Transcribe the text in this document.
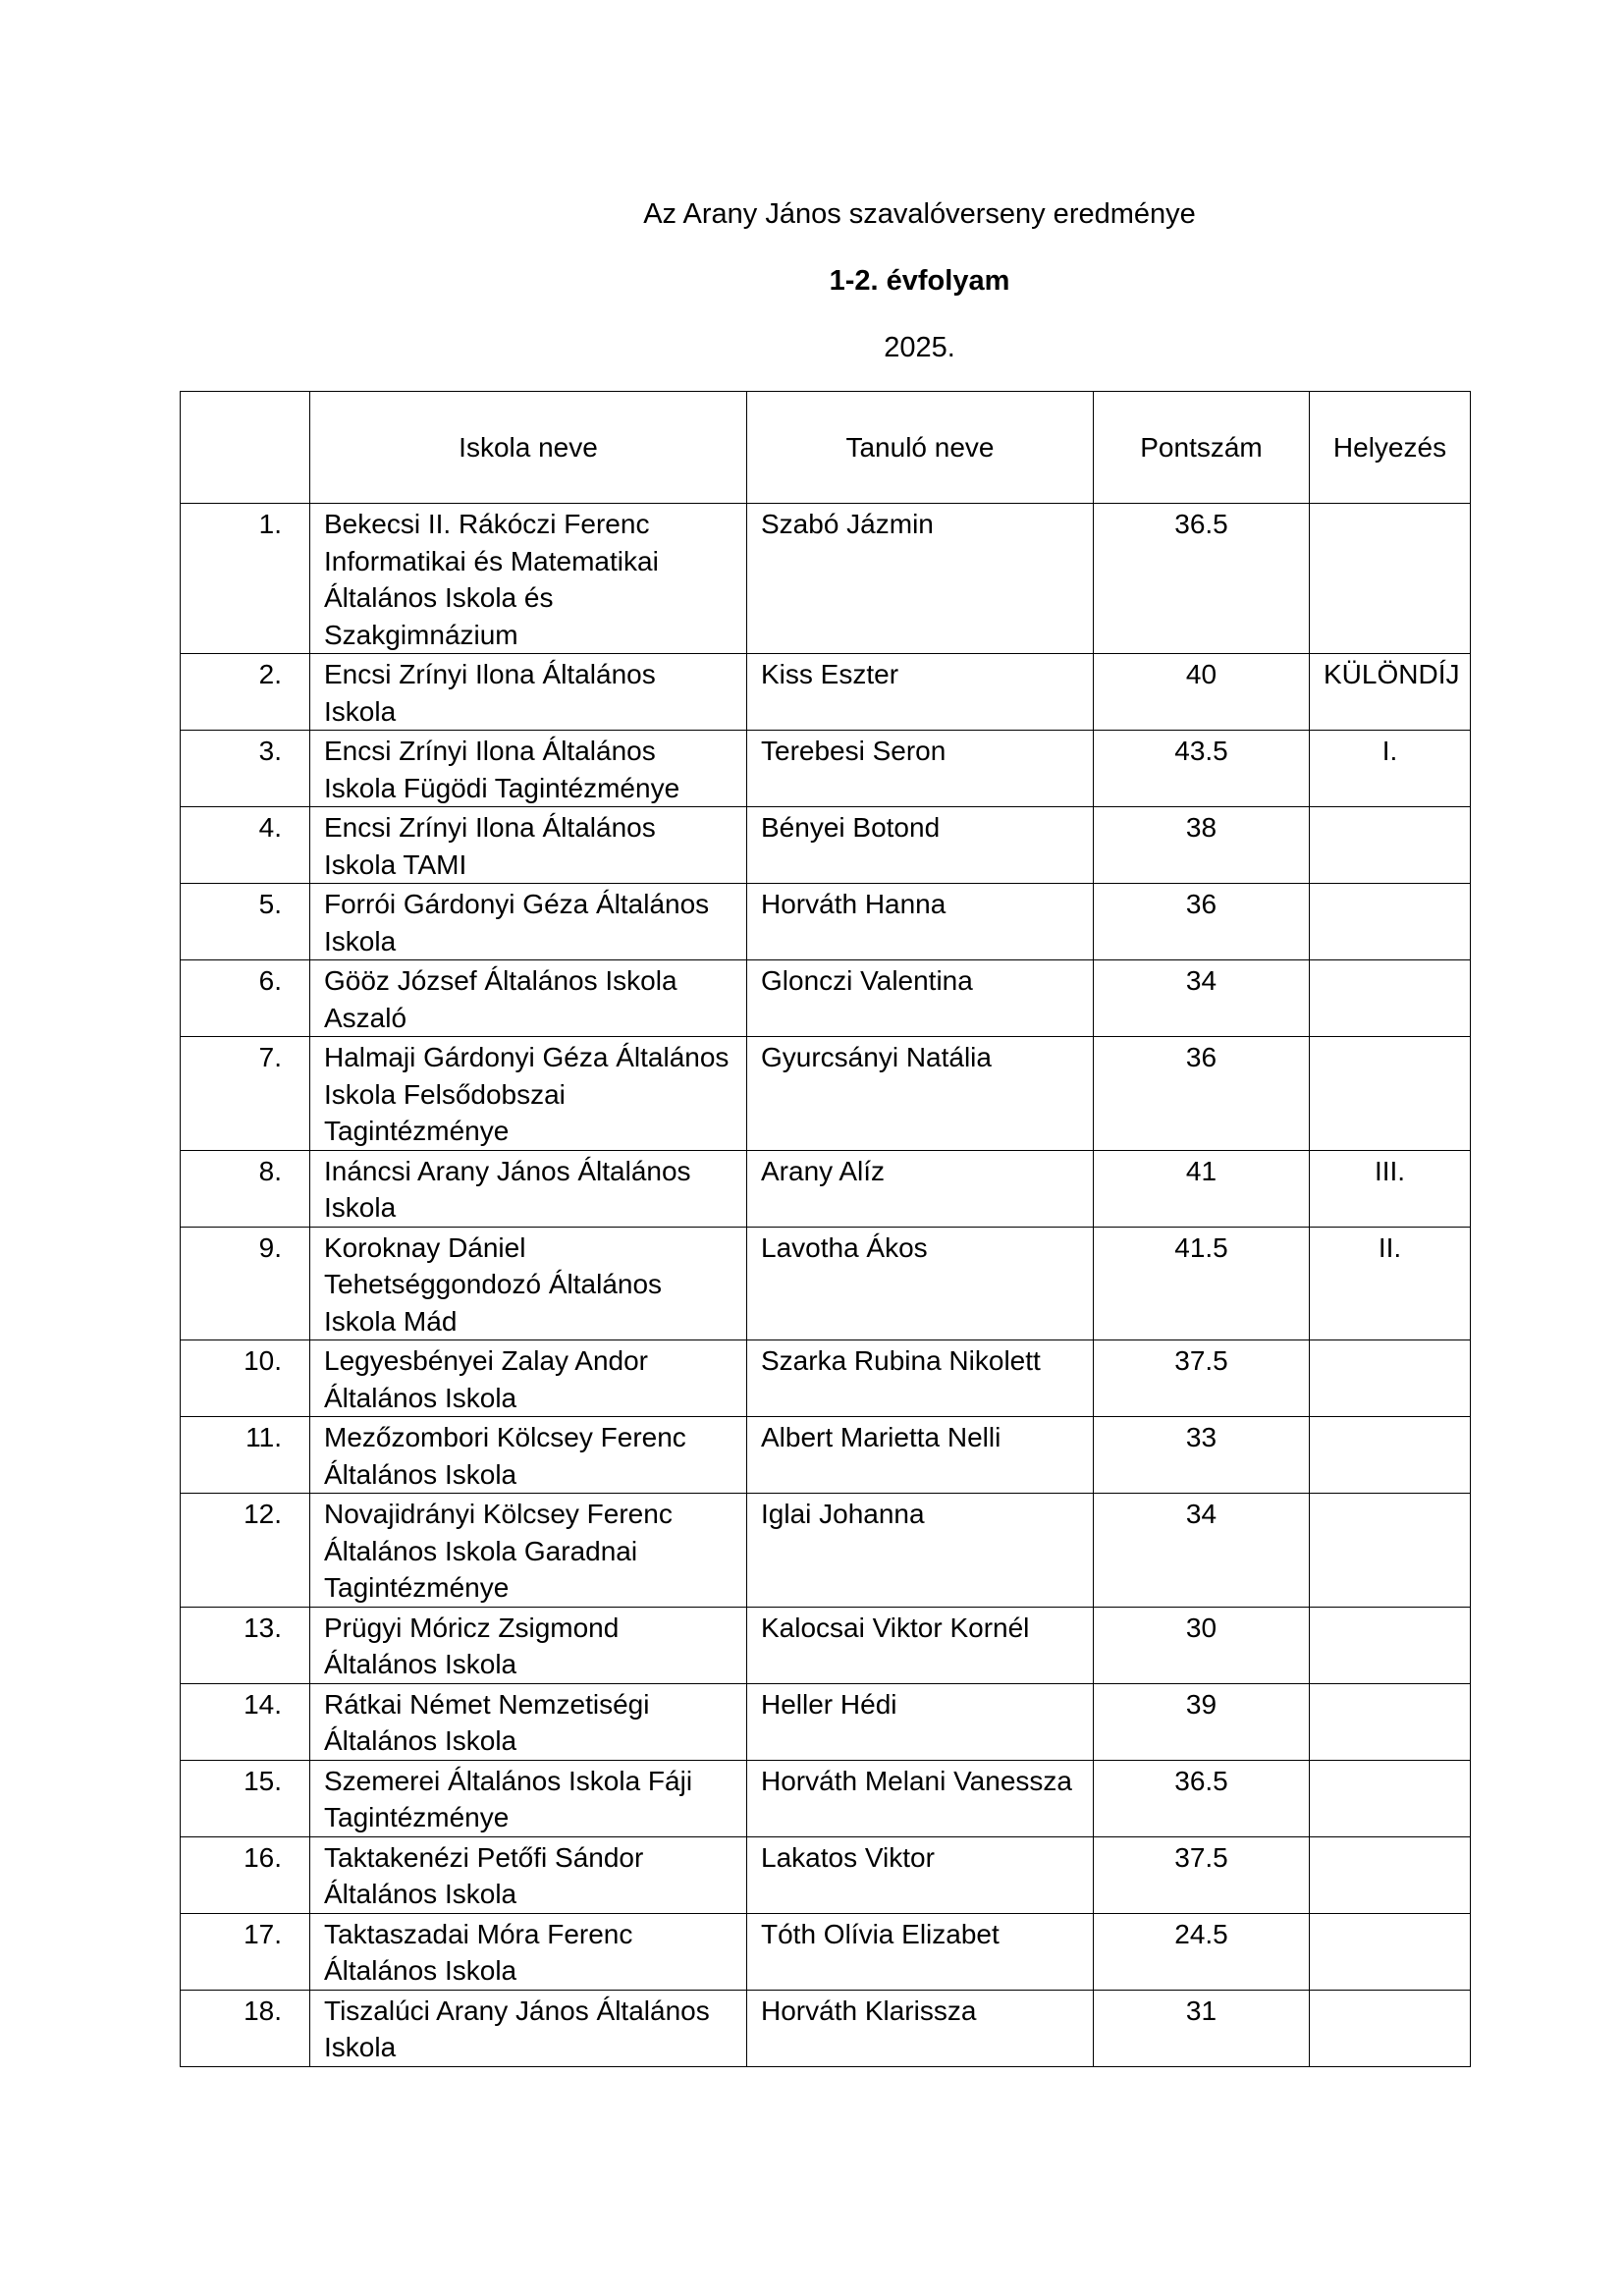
Az Arany János szavalóverseny eredménye
1-2. évfolyam
2025.
	Iskola neve	Tanuló neve	Pontszám	Helyezés
1.	Bekecsi II. Rákóczi Ferenc Informatikai és Matematikai Általános Iskola és Szakgimnázium	Szabó Jázmin	36.5	
2.	Encsi Zrínyi Ilona Általános Iskola	Kiss Eszter	40	KÜLÖNDÍJ
3.	Encsi Zrínyi Ilona Általános Iskola Fügödi Tagintézménye	Terebesi Seron	43.5	I.
4.	Encsi Zrínyi Ilona Általános Iskola TAMI	Bényei Botond	38	
5.	Forrói Gárdonyi Géza Általános Iskola	Horváth Hanna	36	
6.	Gööz József Általános Iskola Aszaló	Glonczi Valentina	34	
7.	Halmaji Gárdonyi Géza Általános Iskola Felsődobszai Tagintézménye	Gyurcsányi Natália	36	
8.	Ináncsi Arany János Általános Iskola	Arany Alíz	41	III.
9.	Koroknay Dániel Tehetséggondozó Általános Iskola Mád	Lavotha Ákos	41.5	II.
10.	Legyesbényei Zalay Andor Általános Iskola	Szarka Rubina Nikolett	37.5	
11.	Mezőzombori Kölcsey Ferenc Általános Iskola	Albert Marietta Nelli	33	
12.	Novajidrányi Kölcsey Ferenc Általános Iskola Garadnai Tagintézménye	Iglai Johanna	34	
13.	Prügyi Móricz Zsigmond Általános Iskola	Kalocsai Viktor Kornél	30	
14.	Rátkai Német Nemzetiségi Általános Iskola	Heller Hédi	39	
15.	Szemerei Általános Iskola Fáji Tagintézménye	Horváth Melani Vanessza	36.5	
16.	Taktakenézi Petőfi Sándor Általános Iskola	Lakatos Viktor	37.5	
17.	Taktaszadai Móra Ferenc Általános Iskola	Tóth Olívia Elizabet	24.5	
18.	Tiszalúci Arany János Általános Iskola	Horváth Klarissza	31	
